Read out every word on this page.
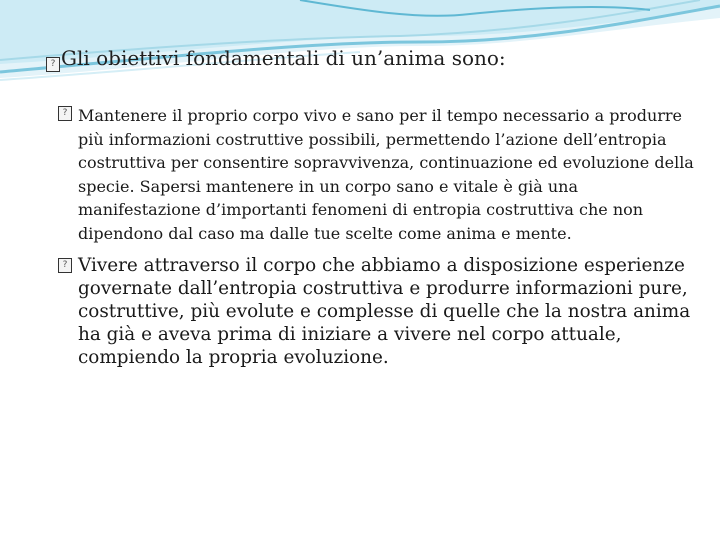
? Gli obiettivi fondamentali di un’anima sono:
? Mantenere il proprio corpo vivo e sano per il tempo necessario a produrre più informazioni costruttive possibili, permettendo l’azione dell’entropia costruttiva per consentire sopravvivenza, continuazione ed evoluzione della specie. Sapersi mantenere in un corpo sano e vitale è già una manifestazione d’importanti fenomeni di entropia costruttiva che non dipendono dal caso ma dalle tue scelte come anima e mente.
? Vivere attraverso il corpo che abbiamo a disposizione esperienze governate dall’entropia costruttiva e produrre informazioni pure, costruttive, più evolute e complesse di quelle che la nostra anima ha già e aveva prima di iniziare a vivere nel corpo attuale, compiendo la propria evoluzione.
